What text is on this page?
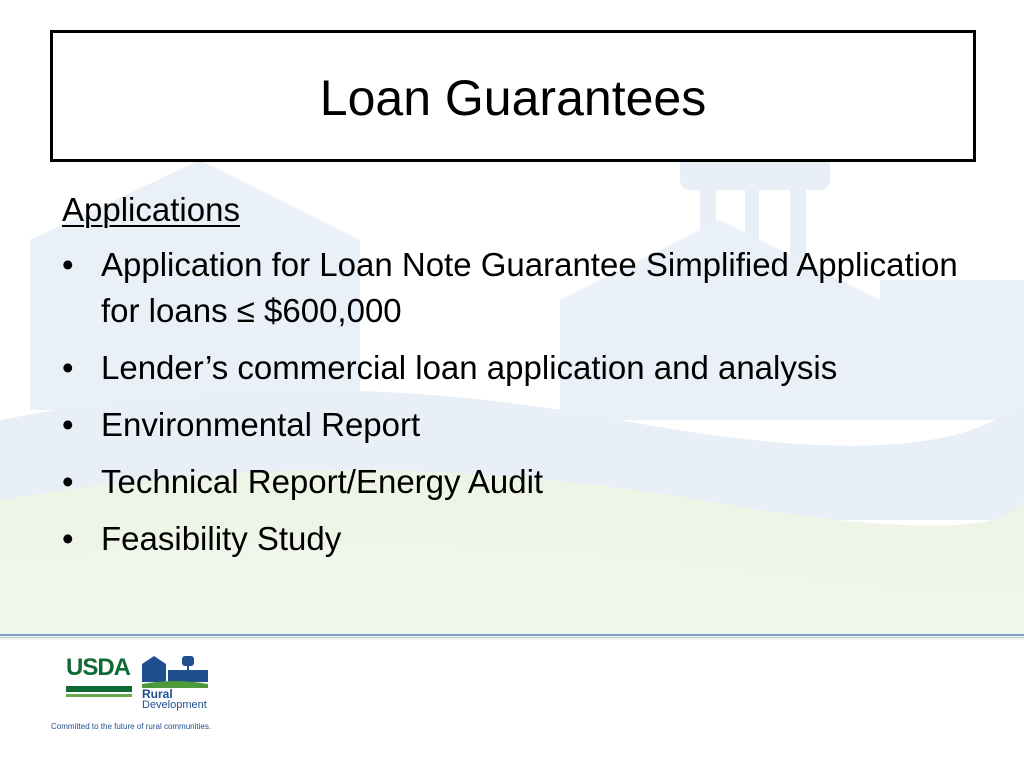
Loan Guarantees
Applications
• Application for Loan Note Guarantee Simplified Application for loans ≤ $600,000
• Lender’s commercial loan application and analysis
• Environmental Report
• Technical Report/Energy Audit
• Feasibility Study
USDA
Rural
Development
Committed to the future of rural communities.
